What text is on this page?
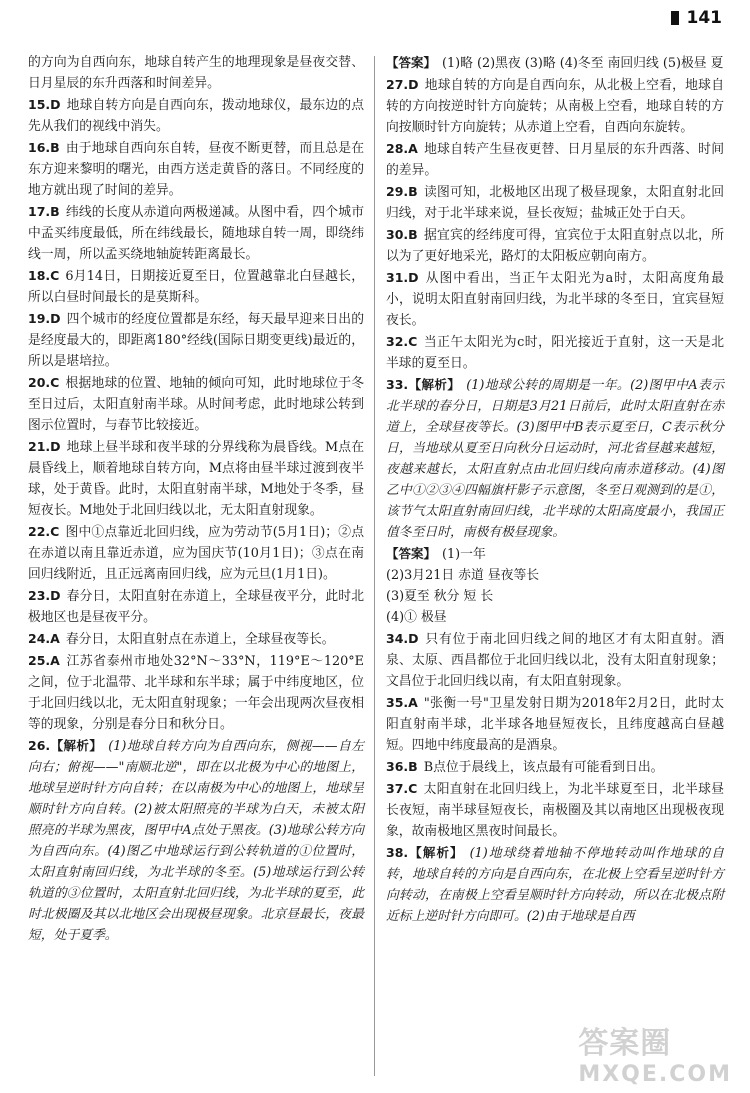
141
的方向为自西向东，地球自转产生的地理现象是昼夜交替、日月星辰的东升西落和时间差异。
15.D 地球自转方向是自西向东，拨动地球仪，最东边的点先从我们的视线中消失。
16.B 由于地球自西向东自转，昼夜不断更替，而且总是在东方迎来黎明的曙光，由西方送走黄昏的落日。不同经度的地方就出现了时间的差异。
17.B 纬线的长度从赤道向两极递减。从图中看，四个城市中孟买纬度最低，所在纬线最长，随地球自转一周，即绕纬线一周，所以孟买绕地轴旋转距离最长。
18.C 6月14日，日期接近夏至日，位置越靠北白昼越长，所以白昼时间最长的是莫斯科。
19.D 四个城市的经度位置都是东经，每天最早迎来日出的是经度最大的，即距离180°经线(国际日期变更线)最近的，所以是堪培拉。
20.C 根据地球的位置、地轴的倾向可知，此时地球位于冬至日过后，太阳直射南半球。从时间考虑，此时地球公转到图示位置时，与春节比较接近。
21.D 地球上昼半球和夜半球的分界线称为晨昏线。M点在晨昏线上，顺着地球自转方向，M点将由昼半球过渡到夜半球，处于黄昏。此时，太阳直射南半球，M地处于冬季，昼短夜长。M地处于北回归线以北，无太阳直射现象。
22.C 图中①点靠近北回归线，应为劳动节(5月1日)；②点在赤道以南且靠近赤道，应为国庆节(10月1日)；③点在南回归线附近，且正远离南回归线，应为元旦(1月1日)。
23.D 春分日，太阳直射在赤道上，全球昼夜平分，此时北极地区也是昼夜平分。
24.A 春分日，太阳直射点在赤道上，全球昼夜等长。
25.A 江苏省泰州市地处32°N～33°N，119°E～120°E之间，位于北温带、北半球和东半球；属于中纬度地区，位于北回归线以北，无太阳直射现象；一年会出现两次昼夜相等的现象，分别是春分日和秋分日。
26.【解析】 (1)地球自转方向为自西向东，侧视——自左向右；俯视——"南顺北逆"，即在以北极为中心的地图上，地球呈逆时针方向自转；在以南极为中心的地图上，地球呈顺时针方向自转。(2)被太阳照亮的半球为白天，未被太阳照亮的半球为黑夜，图甲中A点处于黑夜。(3)地球公转方向为自西向东。(4)图乙中地球运行到公转轨道的①位置时，太阳直射南回归线，为北半球的冬至。(5)地球运行到公转轨道的③位置时，太阳直射北回归线，为北半球的夏至，此时北极圈及其以北地区会出现极昼现象。北京昼最长，夜最短，处于夏季。
【答案】 (1)略 (2)黑夜 (3)略 (4)冬至 南回归线 (5)极昼 夏
27.D 地球自转的方向是自西向东，从北极上空看，地球自转的方向按逆时针方向旋转；从南极上空看，地球自转的方向按顺时针方向旋转；从赤道上空看，自西向东旋转。
28.A 地球自转产生昼夜更替、日月星辰的东升西落、时间的差异。
29.B 读图可知，北极地区出现了极昼现象，太阳直射北回归线，对于北半球来说，昼长夜短；盐城正处于白天。
30.B 据宜宾的经纬度可得，宜宾位于太阳直射点以北，所以为了更好地采光，路灯的太阳板应朝向南方。
31.D 从图中看出，当正午太阳光为a时，太阳高度角最小，说明太阳直射南回归线，为北半球的冬至日，宜宾昼短夜长。
32.C 当正午太阳光为c时，阳光接近于直射，这一天是北半球的夏至日。
33.【解析】 (1)地球公转的周期是一年。(2)图甲中A表示北半球的春分日，日期是3月21日前后，此时太阳直射在赤道上，全球昼夜等长。(3)图甲中B表示夏至日，C表示秋分日，当地球从夏至日向秋分日运动时，河北省昼越来越短，夜越来越长，太阳直射点由北回归线向南赤道移动。(4)图乙中①②③④四幅旗杆影子示意图，冬至日观测到的是①，该节气太阳直射南回归线，北半球的太阳高度最小，我国正值冬至日时，南极有极昼现象。
【答案】 (1)一年
(2)3月21日 赤道 昼夜等长
(3)夏至 秋分 短 长
(4)① 极昼
34.D 只有位于南北回归线之间的地区才有太阳直射。酒泉、太原、西昌都位于北回归线以北，没有太阳直射现象；文昌位于北回归线以南，有太阳直射现象。
35.A "张衡一号"卫星发射日期为2018年2月2日，此时太阳直射南半球，北半球各地昼短夜长，且纬度越高白昼越短。四地中纬度最高的是酒泉。
36.B B点位于晨线上，该点最有可能看到日出。
37.C 太阳直射在北回归线上，为北半球夏至日，北半球昼长夜短，南半球昼短夜长，南极圈及其以南地区出现极夜现象，故南极地区黑夜时间最长。
38.【解析】 (1)地球绕着地轴不停地转动叫作地球的自转，地球自转的方向是自西向东，在北极上空看呈逆时针方向转动，在南极上空看呈顺时针方向转动，所以在北极点附近标上逆时针方向即可。(2)由于地球是自西
答案圈
MXQE.COM
